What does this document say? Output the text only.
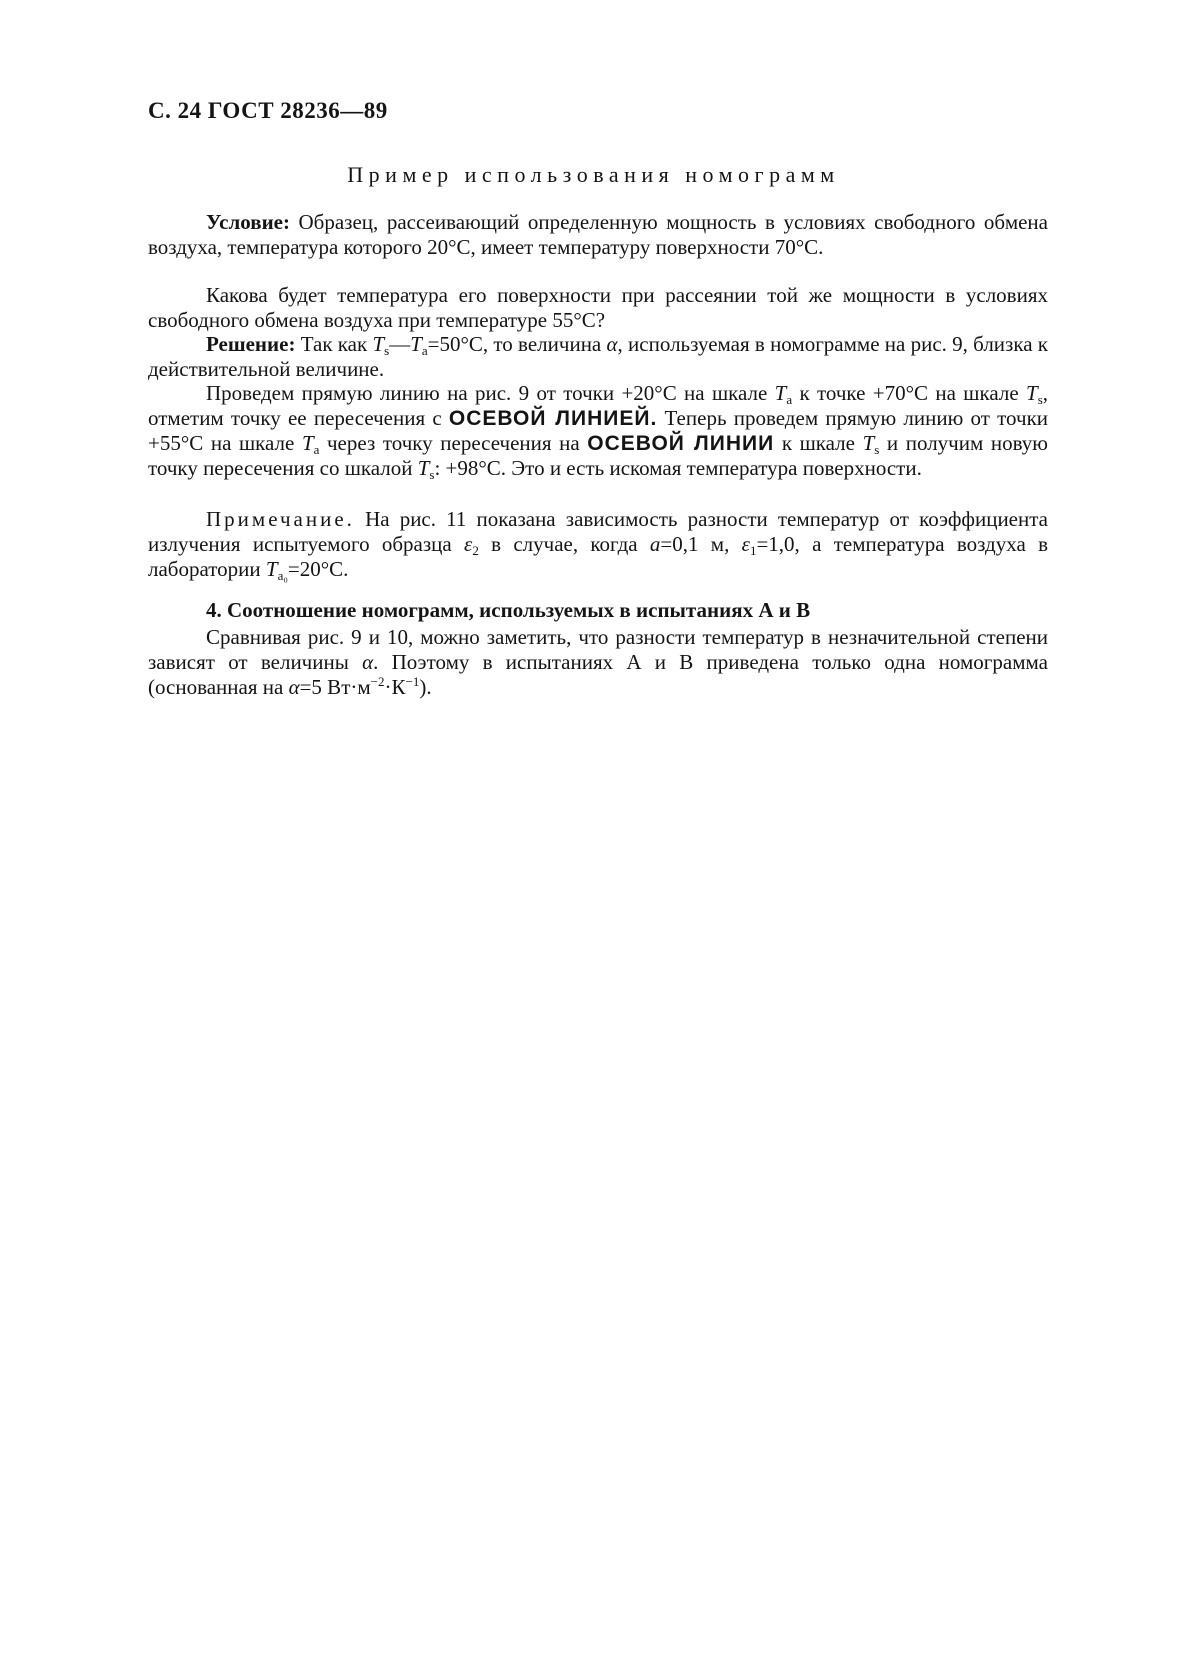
С. 24 ГОСТ 28236—89
Пример использования номограмм
Условие: Образец, рассеивающий определенную мощность в условиях свободного обмена воздуха, температура которого 20°С, имеет температуру поверхности 70°С.
Какова будет температура его поверхности при рассеянии той же мощности в условиях свободного обмена воздуха при температуре 55°С?
Решение: Так как $T_s—T_a=50^\circ С$, то величина α, используемая в номограмме на рис. 9, близка к действительной величине.
Проведем прямую линию на рис. 9 от точки +20°С на шкале $T_a$ к точке +70°С на шкале $T_s$, отметим точку ее пересечения с ОСЕВОЙ ЛИНИЕЙ. Теперь проведем прямую линию от точки +55°С на шкале $T_a$ через точку пересечения на ОСЕВОЙ ЛИНИИ к шкале $T_s$ и получим новую точку пересечения со шкалой $T_s$: +98°С. Это и есть искомая температура поверхности.
Примечание. На рис. 11 показана зависимость разности температур от коэффициента излучения испытуемого образца $\varepsilon_2$ в случае, когда a=0,1 м, $\varepsilon_1=1,0$, а температура воздуха в лаборатории $T_{a_0}=20^\circ С$.
4. Соотношение номограмм, используемых в испытаниях А и В
Сравнивая рис. 9 и 10, можно заметить, что разности температур в незначительной степени зависят от величины α. Поэтому в испытаниях А и В приведена только одна номограмма (основанная на α=5 $Вт\cdot м^{-2}\cdot К^{-1}$).
